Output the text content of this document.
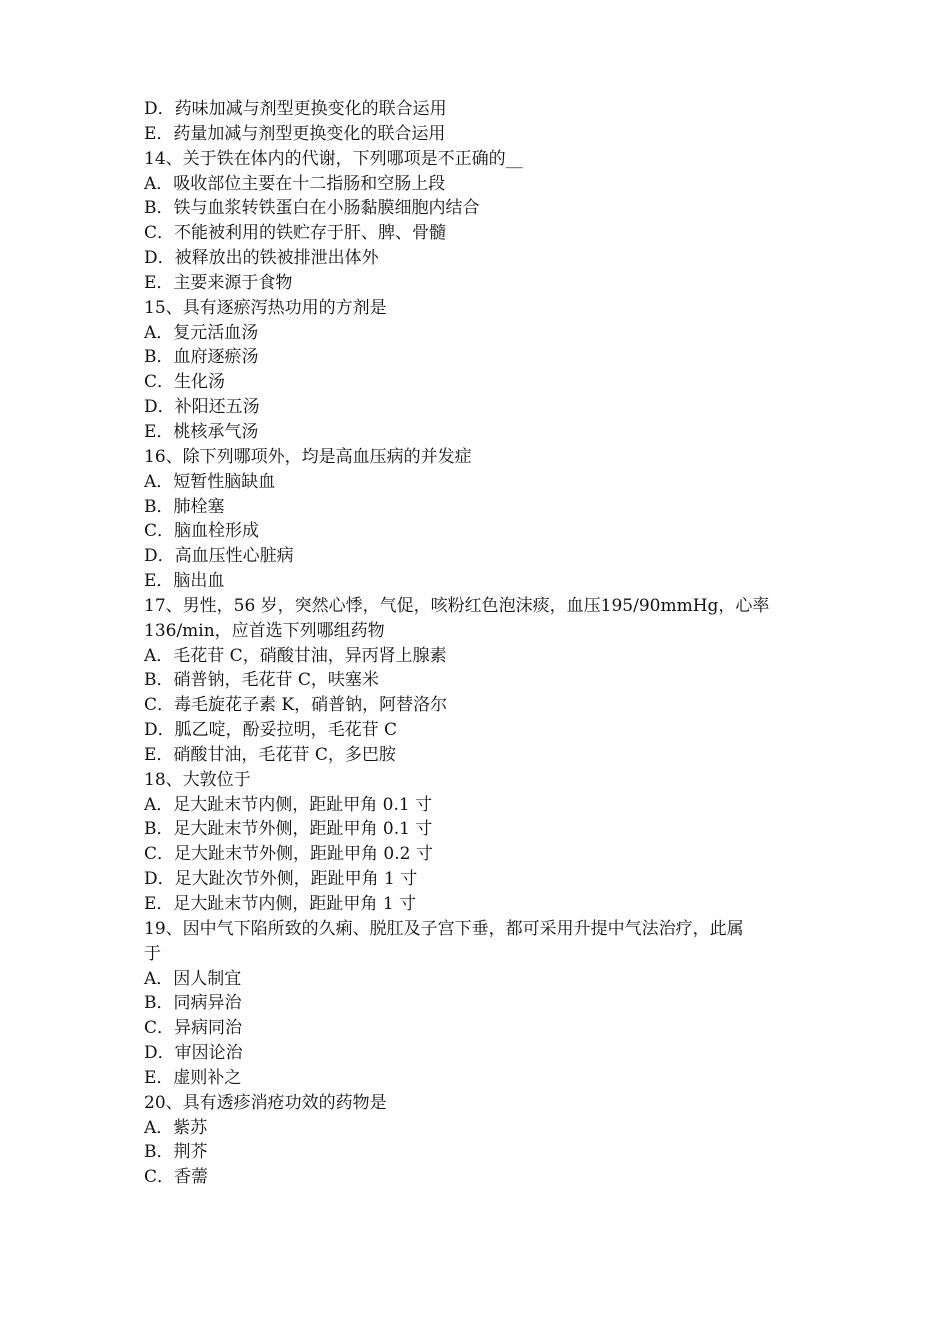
D．药味加减与剂型更换变化的联合运用
E．药量加减与剂型更换变化的联合运用
14、关于铁在体内的代谢，下列哪项是不正确的__
A．吸收部位主要在十二指肠和空肠上段
B．铁与血浆转铁蛋白在小肠黏膜细胞内结合
C．不能被利用的铁贮存于肝、脾、骨髓
D．被释放出的铁被排泄出体外
E．主要来源于食物
15、具有逐瘀泻热功用的方剂是
A．复元活血汤
B．血府逐瘀汤
C．生化汤
D．补阳还五汤
E．桃核承气汤
16、除下列哪项外，均是高血压病的并发症
A．短暂性脑缺血
B．肺栓塞
C．脑血栓形成
D．高血压性心脏病
E．脑出血
17、男性，56 岁，突然心悸，气促，咳粉红色泡沫痰，血压195/90mmHg，心率
136/min，应首选下列哪组药物
A．毛花苷 C，硝酸甘油，异丙肾上腺素
B．硝普钠，毛花苷 C，呋塞米
C．毒毛旋花子素 K，硝普钠，阿替洛尔
D．胍乙啶，酚妥拉明，毛花苷 C
E．硝酸甘油，毛花苷 C，多巴胺
18、大敦位于
A．足大趾末节内侧，距趾甲角 0.1 寸
B．足大趾末节外侧，距趾甲角 0.1 寸
C．足大趾末节外侧，距趾甲角 0.2 寸
D．足大趾次节外侧，距趾甲角 1 寸
E．足大趾末节内侧，距趾甲角 1 寸
19、因中气下陷所致的久痢、脱肛及子宫下垂，都可采用升提中气法治疗，此属
于
A．因人制宜
B．同病异治
C．异病同治
D．审因论治
E．虚则补之
20、具有透疹消疮功效的药物是
A．紫苏
B．荆芥
C．香薷
